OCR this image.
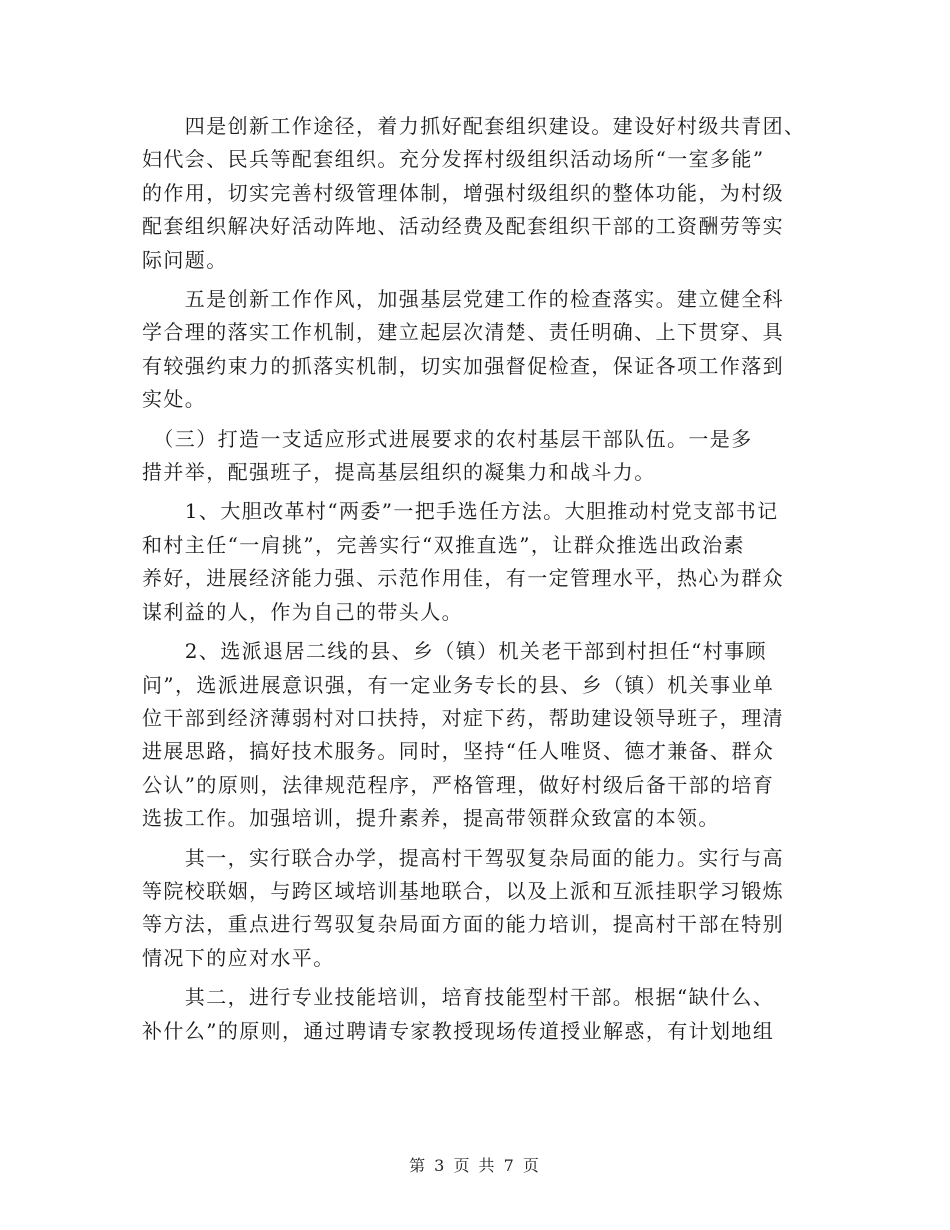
　　四是创新工作途径，着力抓好配套组织建设。建设好村级共青团、
妇代会、民兵等配套组织。充分发挥村级组织活动场所“一室多能”
的作用，切实完善村级管理体制，增强村级组织的整体功能，为村级
配套组织解决好活动阵地、活动经费及配套组织干部的工资酬劳等实
际问题。

　　五是创新工作作风，加强基层党建工作的检查落实。建立健全科
学合理的落实工作机制，建立起层次清楚、责任明确、上下贯穿、具
有较强约束力的抓落实机制，切实加强督促检查，保证各项工作落到
实处。

　（三）打造一支适应形式进展要求的农村基层干部队伍。一是多
措并举，配强班子，提高基层组织的凝集力和战斗力。

　　1、大胆改革村“两委”一把手选任方法。大胆推动村党支部书记
和村主任“一肩挑”，完善实行“双推直选”，让群众推选出政治素
养好，进展经济能力强、示范作用佳，有一定管理水平，热心为群众
谋利益的人，作为自己的带头人。

　　2、选派退居二线的县、乡（镇）机关老干部到村担任“村事顾
问”，选派进展意识强，有一定业务专长的县、乡（镇）机关事业单
位干部到经济薄弱村对口扶持，对症下药，帮助建设领导班子，理清
进展思路，搞好技术服务。同时，坚持“任人唯贤、德才兼备、群众
公认”的原则，法律规范程序，严格管理，做好村级后备干部的培育
选拔工作。加强培训，提升素养，提高带领群众致富的本领。

　　其一，实行联合办学，提高村干驾驭复杂局面的能力。实行与高
等院校联姻，与跨区域培训基地联合，以及上派和互派挂职学习锻炼
等方法，重点进行驾驭复杂局面方面的能力培训，提高村干部在特别
情况下的应对水平。

　　其二，进行专业技能培训，培育技能型村干部。根据“缺什么、
补什么”的原则，通过聘请专家教授现场传道授业解惑，有计划地组

第 3 页 共 7 页
